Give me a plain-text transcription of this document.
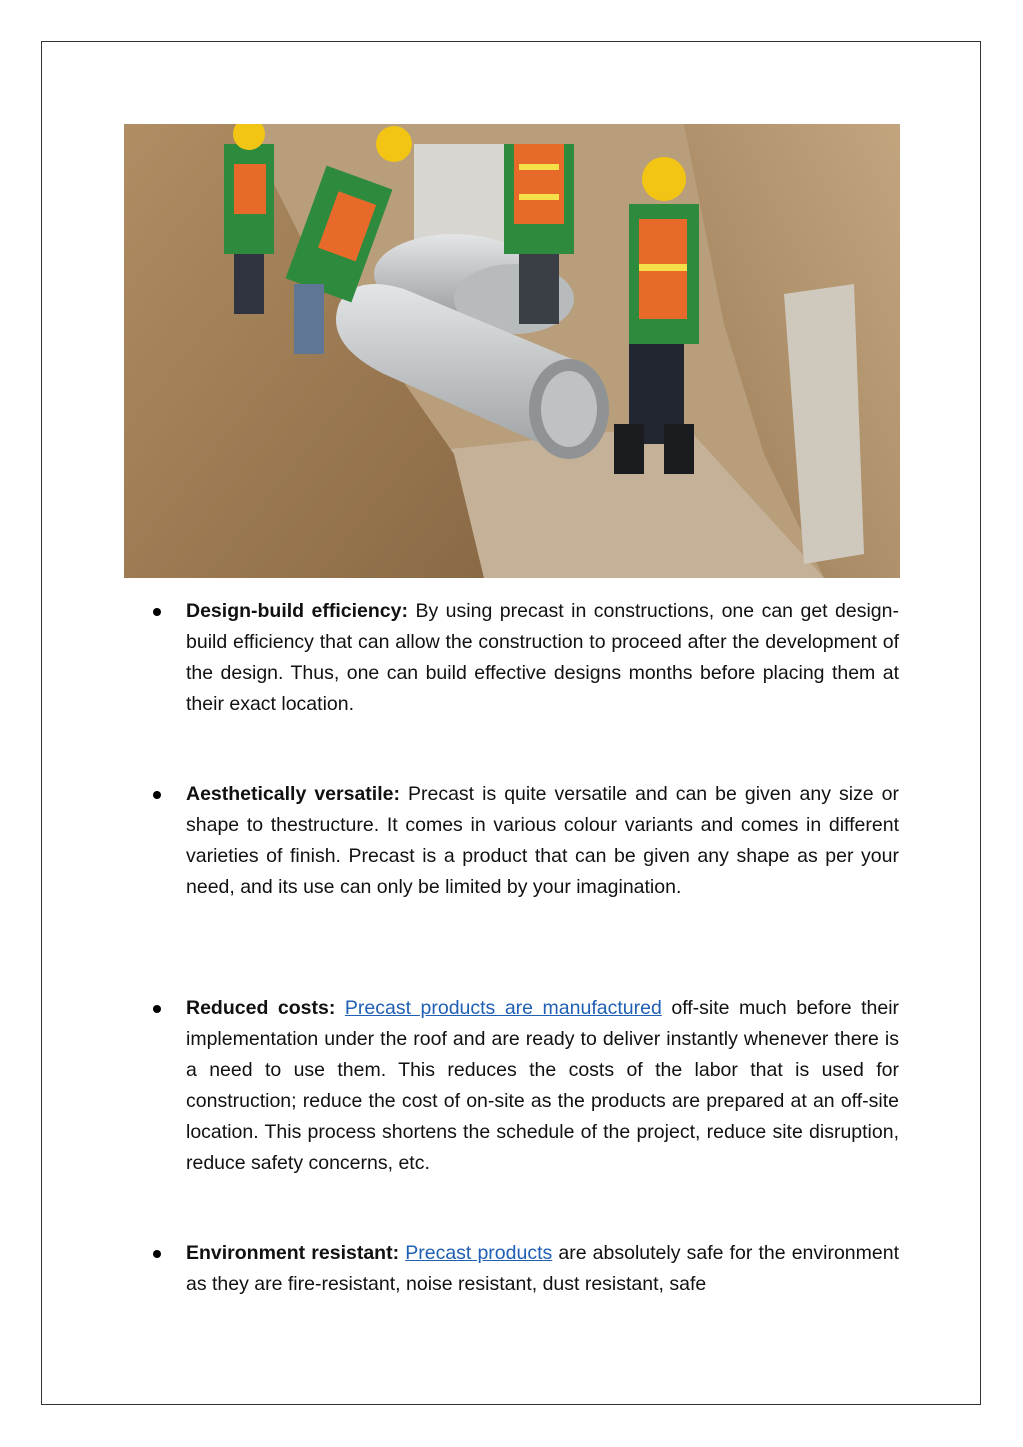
Design-build efficiency: By using precast in constructions, one can get design-build efficiency that can allow the construction to proceed after the development of the design. Thus, one can build effective designs months before placing them at their exact location.
Aesthetically versatile: Precast is quite versatile and can be given any size or shape to thestructure. It comes in various colour variants and comes in different varieties of finish. Precast is a product that can be given any shape as per your need, and its use can only be limited by your imagination.
Reduced costs: Precast products are manufactured off-site much before their implementation under the roof and are ready to deliver instantly whenever there is a need to use them. This reduces the costs of the labor that is used for construction; reduce the cost of on-site as the products are prepared at an off-site location. This process shortens the schedule of the project, reduce site disruption, reduce safety concerns, etc.
Environment resistant: Precast products are absolutely safe for the environment as they are fire-resistant, noise resistant, dust resistant, safe
